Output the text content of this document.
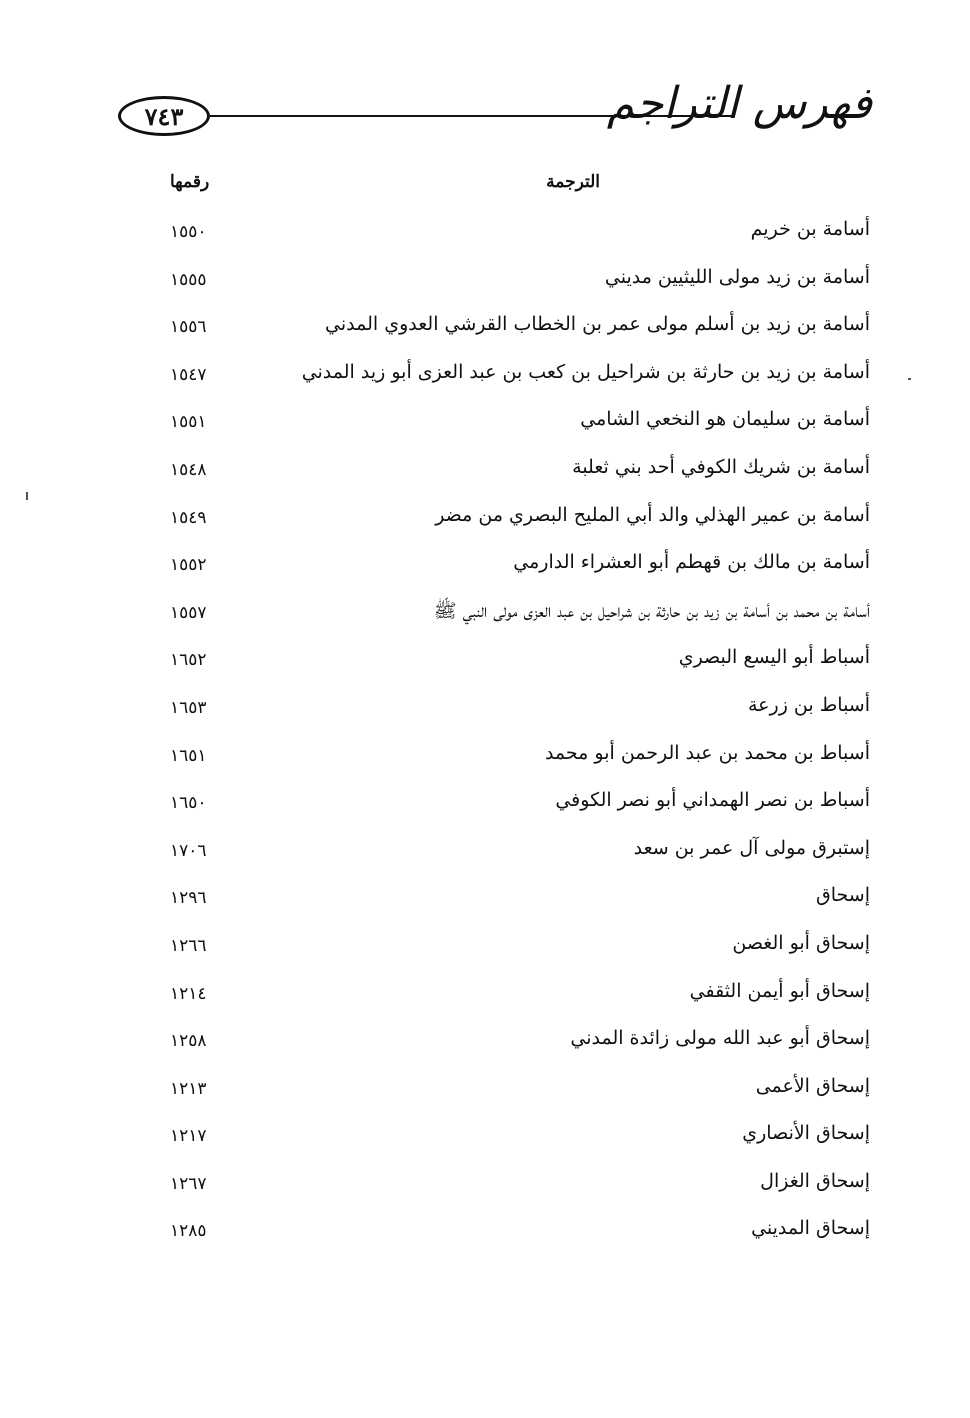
٧٤٣	فهرس التراجم
رقمها	الترجمة
١٥٥٠	أسامة بن خريم
١٥٥٥	أسامة بن زيد مولى الليثيين مديني
١٥٥٦	أسامة بن زيد بن أسلم مولى عمر بن الخطاب القرشي العدوي المدني
١٥٤٧	أسامة بن زيد بن حارثة بن شراحيل بن كعب بن عبد العزى أبو زيد المدني
١٥٥١	أسامة بن سليمان هو النخعي الشامي
١٥٤٨	أسامة بن شريك الكوفي أحد بني ثعلبة
١٥٤٩	أسامة بن عمير الهذلي والد أبي المليح البصري من مضر
١٥٥٢	أسامة بن مالك بن قهطم أبو العشراء الدارمي
١٥٥٧	أسامة بن محمد بن أسامة بن زيد بن حارثة بن شراحيل بن عبد العزى مولى النبي ﷺ
١٦٥٢	أسباط أبو اليسع البصري
١٦٥٣	أسباط بن زرعة
١٦٥١	أسباط بن محمد بن عبد الرحمن أبو محمد
١٦٥٠	أسباط بن نصر الهمداني أبو نصر الكوفي
١٧٠٦	إستبرق مولى آل عمر بن سعد
١٢٩٦	إسحاق
١٢٦٦	إسحاق أبو الغصن
١٢١٤	إسحاق أبو أيمن الثقفي
١٢٥٨	إسحاق أبو عبد الله مولى زائدة المدني
١٢١٣	إسحاق الأعمى
١٢١٧	إسحاق الأنصاري
١٢٦٧	إسحاق الغزال
١٢٨٥	إسحاق المديني
